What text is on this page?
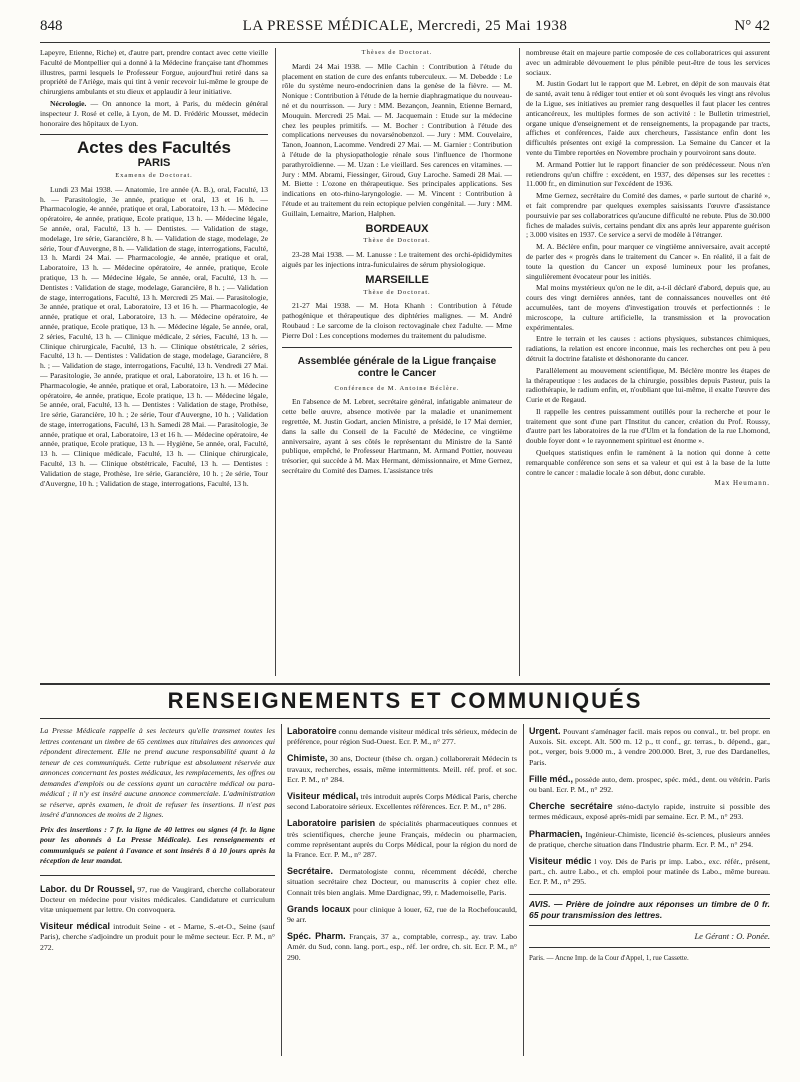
848	LA PRESSE MÉDICALE, Mercredi, 25 Mai 1938	N° 42

Lapeyre, Etienne, Riche) et, d'autre part, prendre contact avec cette vieille Faculté de Montpellier qui a donné à la Médecine française tant d'hommes illustres, parmi lesquels le Professeur Forgue, aujourd'hui retiré dans sa propriété de l'Ariège, mais qui tint à venir recevoir lui-même le groupe de chirurgiens ambulants et stu dieux et applaudir à leur initiative.

Nécrologie. — On annonce la mort, à Paris, du médecin général inspecteur J. Rosé et celle, à Lyon, de M. D. Frédéric Mousset, médecin honoraire des hôpitaux de Lyon.

Actes des Facultés
PARIS
Examens de Doctorat.

Lundi 23 Mai 1938. — Anatomie, 1re année (A. B.), oral, Faculté, 13 h. — Parasitologie, 3e année, pratique et oral, 13 et 16 h. — Pharmacologie, 4e année, pratique et oral, Laboratoire, 13 h. — Médecine opératoire, 4e année, pratique, Ecole pratique, 13 h. — Médecine légale, 5e année, oral, Faculté, 13 h. — Dentistes. — Validation de stage, modelage, 1re série, Garancière, 8 h. — Validation de stage, modelage, 2e série, Tour d'Auvergne, 8 h. — Validation de stage, interrogations, Faculté, 13 h. Mardi 24 Mai. — Pharmacologie, 4e année, pratique et oral, Laboratoire, 13 h. — Médecine opératoire, 4e année, pratique, Ecole pratique, 13 h. — Médecine légale, 5e année, oral, Faculté, 13 h. — Dentistes : Validation de stage, modelage, Garancière, 8 h. ; — Validation de stage, interrogations, Faculté, 13 h. Mercredi 25 Mai. — Parasitologie, 3e année, pratique et oral, Laboratoire, 13 et 16 h. — Pharmacologie, 4e année, pratique et oral, Laboratoire, 13 h. — Médecine opératoire, 4e année, pratique, Ecole pratique, 13 h. — Médecine légale, 5e année, oral, 2 séries, Faculté, 13 h. — Clinique médicale, 2 séries, Faculté, 13 h. — Clinique chirurgicale, Faculté, 13 h. — Clinique obstétricale, 2 séries, Faculté, 13 h. — Dentistes : Validation de stage, modelage, Garancière, 8 h. ; — Validation de stage, interrogations, Faculté, 13 h. Vendredi 27 Mai. — Parasitologie, 3e année, pratique et oral, Laboratoire, 13 h. et 16 h. — Pharmacologie, 4e année, pratique et oral, Laboratoire, 13 h. — Médecine opératoire, 4e année, pratique, Ecole pratique, 13 h. — Médecine légale, 5e année, oral, Faculté, 13 h. — Dentistes : Validation de stage, Prothèse, 1re série, Garancière, 10 h. ; 2e série, Tour d'Auvergne, 10 h. ; Validation de stage, interrogations, Faculté, 13 h. Samedi 28 Mai. — Parasitologie, 3e année, pratique et oral, Laboratoire, 13 et 16 h. — Médecine opératoire, 4e année, pratique, Ecole pratique, 13 h. — Hygiène, 5e année, oral, Faculté, 13 h. — Clinique médicale, Faculté, 13 h. — Clinique chirurgicale, Faculté, 13 h. — Clinique obstétricale, Faculté, 13 h. — Dentistes : Validation de stage, Prothèse, 1re série, Garancière, 10 h. ; 2e série, Tour d'Auvergne, 10 h. ; Validation de stage, interrogations, Faculté, 13 h.

Thèses de Doctorat.

Mardi 24 Mai 1938. — Mlle Cachin : Contribution à l'étude du placement en station de cure des enfants tuberculeux. — M. Debedde : Le rôle du système neuro-endocrinien dans la genèse de la fièvre. — M. Nonique : Contribution à l'étude de la hernie diaphragmatique du nouveau-né et du nourrisson. — Jury : MM. Bezançon, Jeannin, Etienne Bernard, Mouquin. Mercredi 25 Mai. — M. Jacquemain : Etude sur la médecine chez les peuples primitifs. — M. Bocher : Contribution à l'étude des complications nerveuses du novarsénobenzol. — Jury : MM. Couvelaire, Tanon, Joannon, Lacomme. Vendredi 27 Mai. — M. Garnier : Contribution à l'étude de la physiopathologie rénale sous l'influence de l'hormone parathyroïdienne. — M. Uzan : Le vieillard. Ses carences en vitamines. — Jury : MM. Abrami, Fiessinger, Giroud, Guy Laroche. Samedi 28 Mai. — M. Biette : L'ozone en thérapeutique. Ses principales applications. Ses indications en oto-rhino-laryngologie. — M. Vincent : Contribution à l'étude et au traitement du rein ectopique pelvien congénital. — Jury : MM. Guillain, Lemaitre, Marion, Halphen.

BORDEAUX
Thèse de Doctorat.

23-28 Mai 1938. — M. Lanusse : Le traitement des orchi-épididymites aiguës par les injections intra-funiculaires de sérum physiologique.

MARSEILLE
Thèse de Doctorat.

21-27 Mai 1938. — M. Hota Khanh : Contribution à l'étude pathogénique et thérapeutique des diphtéries malignes. — M. André Roubaud : Le sarcome de la cloison rectovaginale chez l'adulte. — Mme Pierre Dol : Les conceptions modernes du traitement du paludisme.

Assemblée générale de la Ligue française contre le Cancer
Conférence de M. Antoine Béclère.

En l'absence de M. Lebret, secrétaire général, infatigable animateur de cette belle œuvre, absence motivée par la maladie et unanimement regrettée, M. Justin Godart, ancien Ministre, a présidé, le 17 Mai dernier, dans la salle du Conseil de la Faculté de Médecine, ce vingtième anniversaire, ayant à ses côtés le représentant du Ministre de la Santé publique, empêché, le Professeur Hartmann, M. Armand Pottier, nouveau trésorier, qui succède à M. Max Hermant, démissionnaire, et Mme Gernez, secrétaire du Comité des Dames. L'assistance très

nombreuse était en majeure partie composée de ces collaboratrices qui assurent avec un admirable dévouement le plus pénible peut-être de tous les services sociaux.

M. Justin Godart lut le rapport que M. Lebret, en dépit de son mauvais état de santé, avait tenu à rédiger tout entier et où sont évoqués les vingt ans révolus de la Ligue, ses initiatives au premier rang desquelles il faut placer les centres anticancéreux, les multiples formes de son activité : le Bulletin trimestriel, organe unique d'enseignement et de renseignements, la propagande par tracts, affiches et conférences, l'aide aux chercheurs, l'assistance enfin dont les difficultés présentes ont exigé la compression. La Semaine du Cancer et la vente du Timbre reportées en Novembre prochain y pourvoiront sans doute.

M. Armand Pottier lut le rapport financier de son prédécesseur. Nous n'en retiendrons qu'un chiffre : excédent, en 1937, des dépenses sur les recettes : 11.000 fr., en diminution sur l'excédent de 1936.

Mme Gernez, secrétaire du Comité des dames, « parle surtout de charité », et fait comprendre par quelques exemples saisissants l'œuvre d'assistance poursuivie par ses collaboratrices qu'aucune difficulté ne rebute. Plus de 30.000 fiches de malades suivis, certains pendant dix ans après leur apparente guérison ; 3.000 visites en 1937. Ce service a servi de modèle à l'étranger.

M. A. Béclère enfin, pour marquer ce vingtième anniversaire, avait accepté de parler des « progrès dans le traitement du Cancer ». En réalité, il a fait de toute la question du Cancer un exposé lumineux pour les profanes, singulièrement évocateur pour les initiés.

Mal moins mystérieux qu'on ne le dit, a-t-il déclaré d'abord, depuis que, au cours des vingt dernières années, tant de connaissances nouvelles ont été accumulées, tant de moyens d'investigation trouvés et perfectionnés : le microscope, la culture artificielle, la transmission et la provocation expérimentales.

Entre le terrain et les causes : actions physiques, substances chimiques, radiations, la relation est encore inconnue, mais les recherches ont peu à peu détruit la doctrine fataliste et déshonorante du cancer.

Parallèlement au mouvement scientifique, M. Béclère montre les étapes de la thérapeutique : les audaces de la chirurgie, possibles depuis Pasteur, puis la radiothérapie, le radium enfin, et, n'oubliant que lui-même, il exalte l'œuvre des Curie et de Regaud.

Il rappelle les centres puissamment outillés pour la recherche et pour le traitement que sont d'une part l'Institut du cancer, création du Prof. Roussy, d'autre part les laboratoires de la rue d'Ulm et la fondation de la rue Lhomond, double foyer dont « le rayonnement spirituel est énorme ».

Quelques statistiques enfin le ramènent à la notion qui donne à cette remarquable conférence son sens et sa valeur et qui est à la base de la lutte contre le cancer : maladie locale à son début, donc curable.

Max Heumann.
RENSEIGNEMENTS ET COMMUNIQUÉS
La Presse Médicale rappelle à ses lecteurs qu'elle transmet toutes les lettres contenant un timbre de 65 centimes aux titulaires des annonces qui répondent directement. Elle ne prend aucune responsabilité quant à la teneur de ces communiqués. Cette rubrique est absolument réservée aux annonces concernant les postes médicaux, les remplacements, les offres ou demandes d'emplois ou de cessions ayant un caractère médical ou para-médical ; il n'y est inséré aucune annonce commerciale. L'administration se réserve, après examen, le droit de refuser les insertions. Il n'est pas inséré d'annonces de moins de 2 lignes.
Prix des insertions : 7 fr. la ligne de 40 lettres ou signes (4 fr. la ligne pour les abonnés à La Presse Médicale). Les renseignements et communiqués se paient à l'avance et sont insérés 8 à 10 jours après la réception de leur mandat.
Labor. du Dr Roussel, 97, rue de Vaugirard, cherche collaborateur Docteur en médecine pour visites médicales. Candidature et curriculum vitæ uniquement par lettre. On convoquera.
Visiteur médical introduit Seine - et - Marne, S.-et-O., Seine (sauf Paris), cherche s'adjoindre un produit pour le même secteur. Ecr. P. M., n° 272.
Laboratoire connu demande visiteur médical très sérieux, médecin de préférence, pour région Sud-Ouest. Ecr. P. M., n° 277.
Chimiste, 30 ans, Docteur (thèse ch. organ.) collaborerait Médecin ts travaux, recherches, essais, même intermittents. Meill. réf. prof. et soc. Ecr. P. M., n° 284.
Visiteur médical, très introduit auprès Corps Médical Paris, cherche second Laboratoire sérieux. Excellentes références. Ecr. P. M., n° 286.
Laboratoire parisien de spécialités pharmaceutiques connues et très scientifiques, cherche jeune Français, médecin ou pharmacien, comme représentant auprès du Corps Médical, pour la région du nord de la France. Ecr. P. M., n° 287.
Secrétaire. Dermatologiste connu, récemment décédé, cherche situation secrétaire chez Docteur, ou manuscrits à copier chez elle. Connait très bien anglais. Mme Dardignac, 99, r. Mademoiselle, Paris.
Grands locaux pour clinique à louer, 62, rue de la Rochefoucauld, 9e arr.
Spéc. Pharm. Français, 37 a., comptable, corresp., ay. trav. Labo Amér. du Sud, conn. lang. port., esp., réf. 1er ordre, ch. sit. Ecr. P. M., n° 290.
Urgent. Pouvant s'aménager facil. mais repos ou conval., tr. bel propr. en Auxois. Sit. except. Alt. 500 m. 12 p., tt conf., gr. terras., b. dépend., gar., pot., verger, bois 9.000 m., à vendre 200.000. Bret, 3, rue des Dardanelles, Paris.
Fille méd., possède auto, dem. prospec, spéc. méd., dent. ou vétérin. Paris ou banl. Ecr. P. M., n° 292.
Cherche secrétaire sténo-dactylo rapide, instruite si possible des termes médicaux, exposé après-midi par semaine. Ecr. P. M., n° 293.
Pharmacien, Ingénieur-Chimiste, licencié ès-sciences, plusieurs années de pratique, cherche situation dans l'Industrie pharm. Ecr. P. M., n° 294.
Visiteur médic l voy. Dés de Paris pr imp. Labo., exc. référ., présent, part., ch. autre Labo., et ch. emploi pour matinée ds Labo., même bureau. Ecr. P. M., n° 295.
AVIS. — Prière de joindre aux réponses un timbre de 0 fr. 65 pour transmission des lettres.
Le Gérant : O. Ponée.
Paris. — Ancne Imp. de la Cour d'Appel, 1, rue Cassette.
